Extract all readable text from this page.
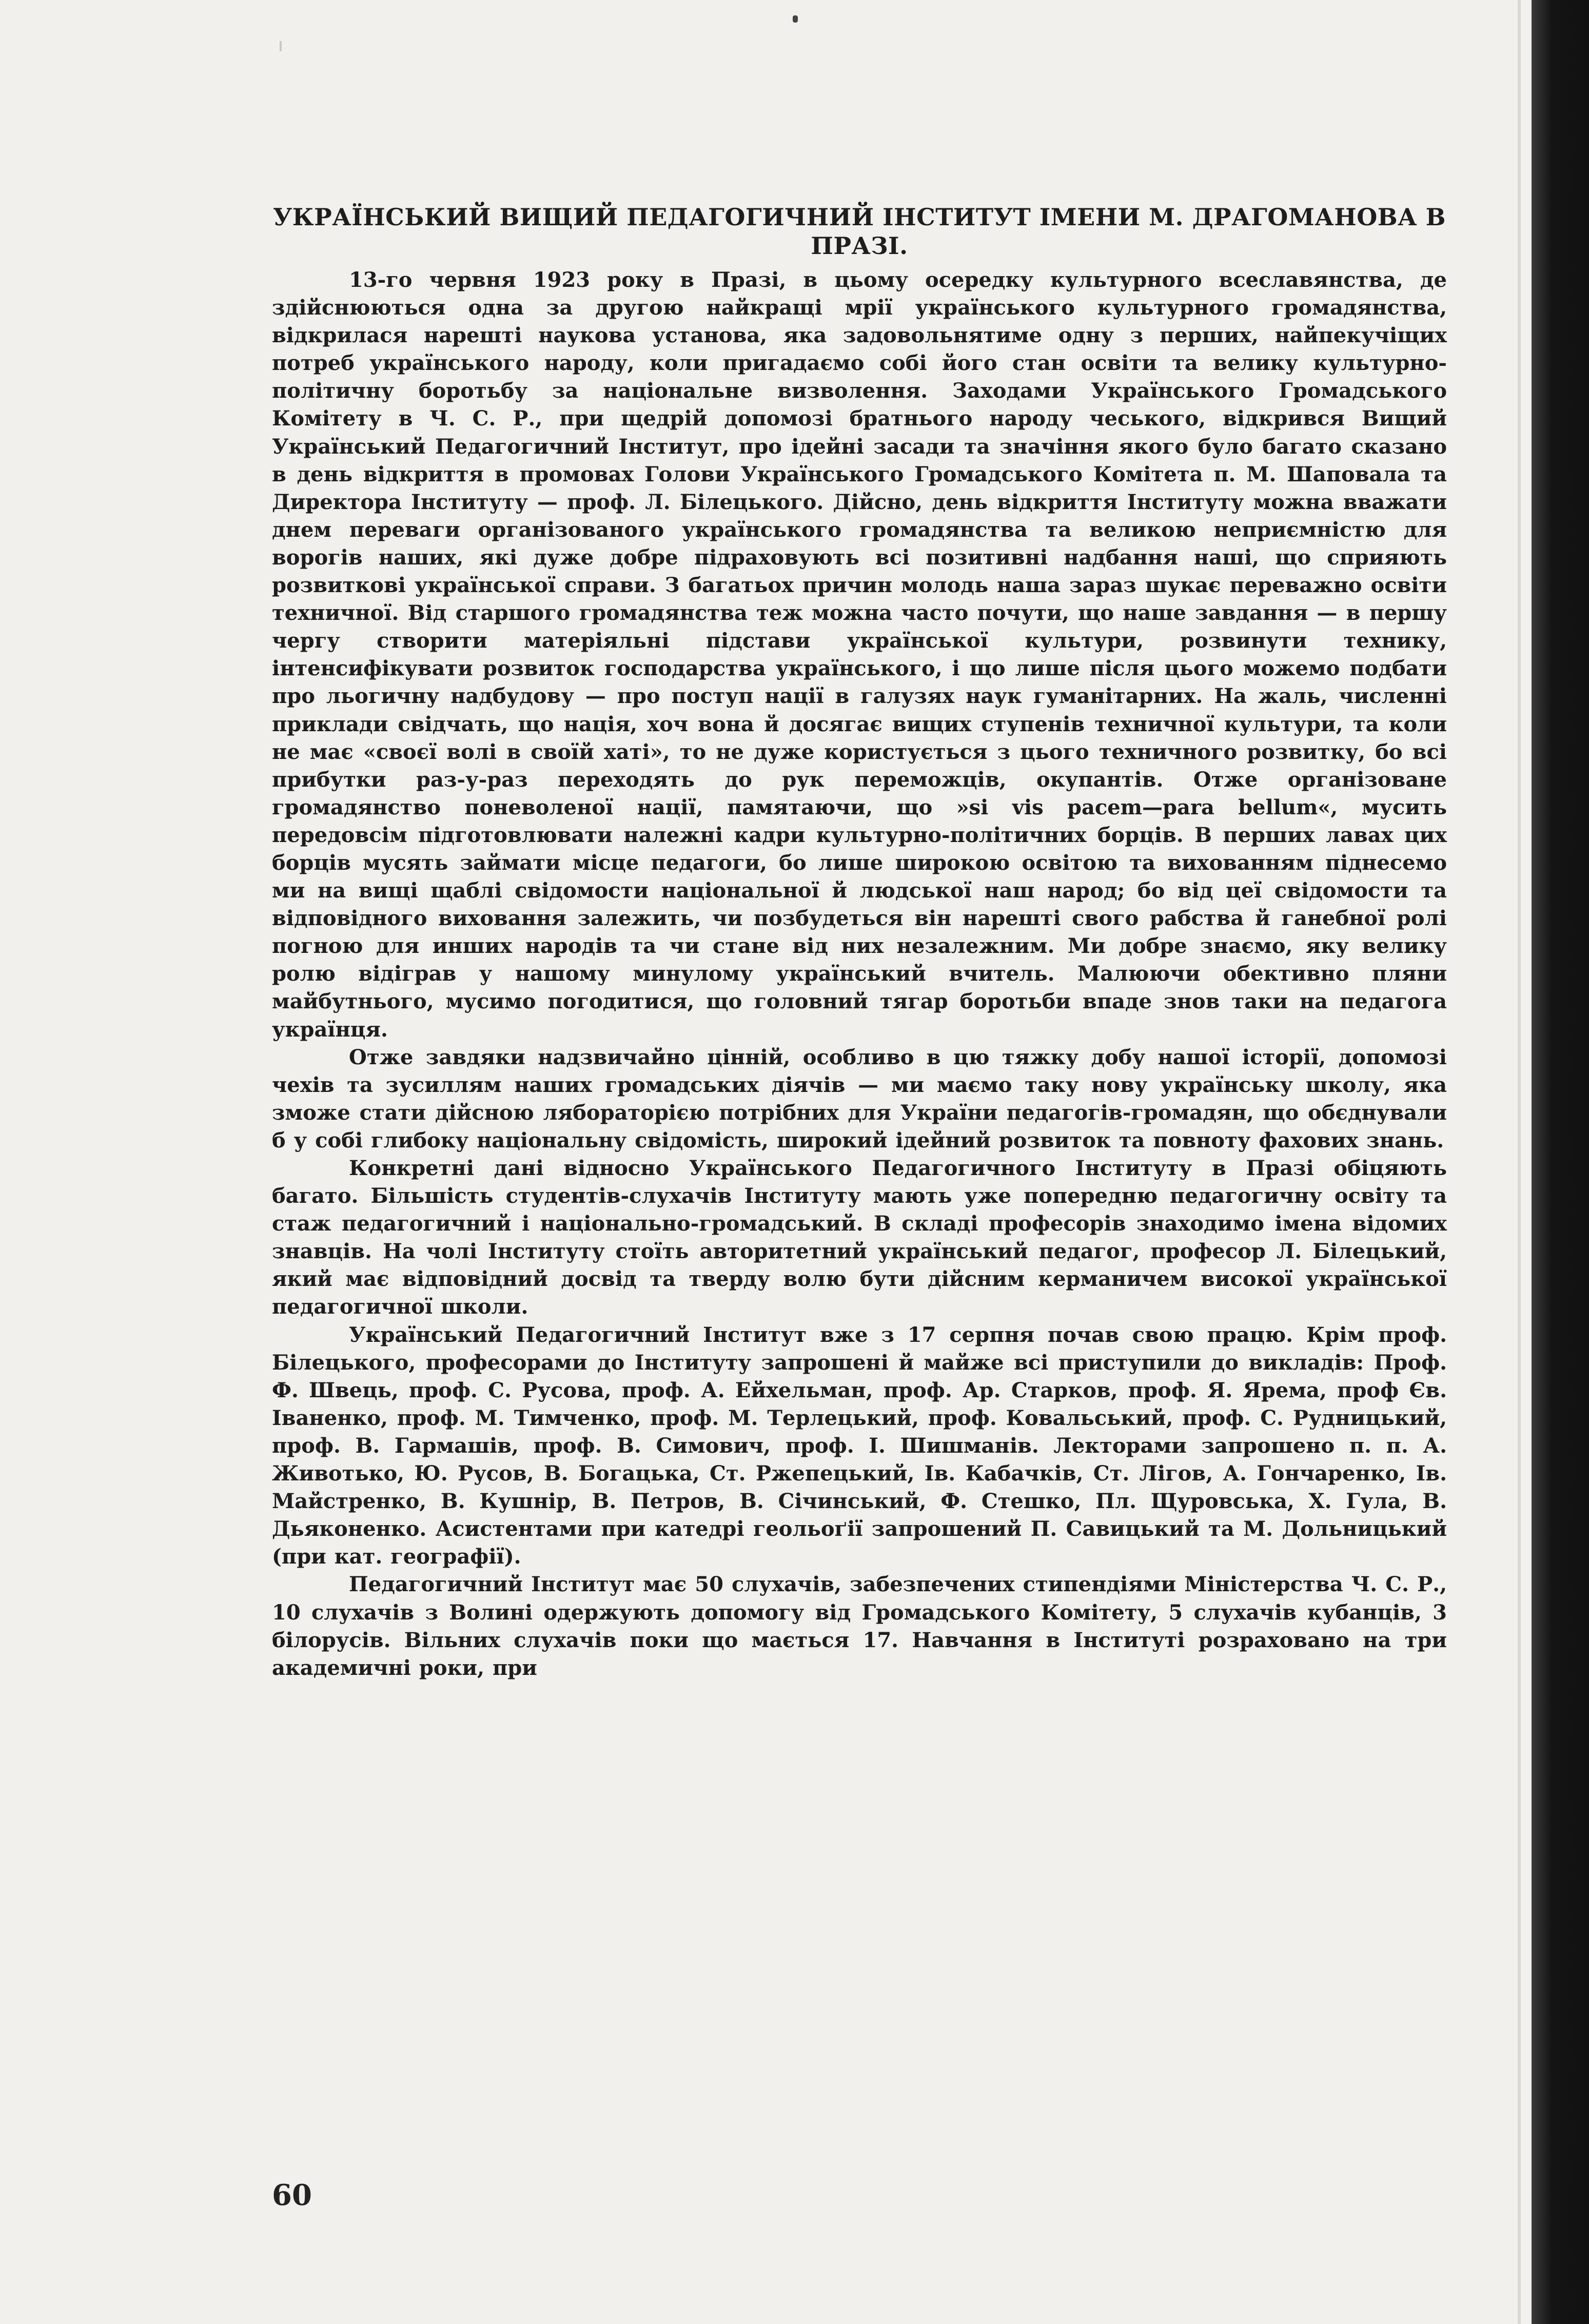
УКРАЇНСЬКИЙ ВИЩИЙ ПЕДАГОГИЧНИЙ ІНСТИТУТ ІМЕНИ М. ДРАГОМАНОВА В ПРАЗІ.

13-го червня 1923 року в Празі, в цьому осередку культурного всеславянства, де здійснюються одна за другою найкращі мрії українського культурного громадянства, відкрилася нарешті наукова установа, яка задовольнятиме одну з перших, найпекучіщих потреб українського народу, коли пригадаємо собі його стан освіти та велику культурно-політичну боротьбу за національне визволення. Заходами Українського Громадського Комітету в Ч. С. Р., при щедрій допомозі братнього народу чеського, відкрився Вищий Український Педагогичний Інститут, про ідейні засади та значіння якого було багато сказано в день відкриття в промовах Голови Українського Громадського Комітета п. М. Шаповала та Директора Інституту — проф. Л. Білецького. Дійсно, день відкриття Інституту можна вважати днем переваги організованого українського громадянства та великою неприємністю для ворогів наших, які дуже добре підраховують всі позитивні надбання наші, що сприяють розвиткові української справи. З багатьох причин молодь наша зараз шукає переважно освіти техничної. Від старшого громадянства теж можна часто почути, що наше завдання — в першу чергу створити матеріяльні підстави української культури, розвинути технику, інтенсифікувати розвиток господарства українського, і що лише після цього можемо подбати про льогичну надбудову — про поступ нації в галузях наук гуманітарних. На жаль, численні приклади свідчать, що нація, хоч вона й досягає вищих ступенів техничної культури, та коли не має «своєї волі в своїй хаті», то не дуже користується з цього техничного розвитку, бо всі прибутки раз-у-раз переходять до рук переможців, окупантів. Отже організоване громадянство поневоленої нації, памятаючи, що »si vis pacem—para bellum«, мусить передовсім підготовлювати належні кадри культурно-політичних борців. В перших лавах цих борців мусять займати місце педагоги, бо лише широкою освітою та вихованням піднесемо ми на вищі щаблі свідомости національної й людської наш народ; бо від цеї свідомости та відповідного виховання залежить, чи позбудеться він нарешті свого рабства й ганебної ролі погною для инших народів та чи стане від них незалежним. Ми добре знаємо, яку велику ролю відіграв у нашому минулому український вчитель. Малюючи обективно пляни майбутнього, мусимо погодитися, що головний тягар боротьби впаде знов таки на педагога українця.

Отже завдяки надзвичайно цінній, особливо в цю тяжку добу нашої історії, допомозі чехів та зусиллям наших громадських діячів — ми маємо таку нову українську школу, яка зможе стати дійсною лябораторією потрібних для України педагогів-громадян, що обєднували б у собі глибоку національну свідомість, широкий ідейний розвиток та повноту фахових знань.

Конкретні дані відносно Українського Педагогичного Інституту в Празі обіцяють багато. Більшість студентів-слухачів Інституту мають уже попередню педагогичну освіту та стаж педагогичний і національно-громадський. В складі професорів знаходимо імена відомих знавців. На чолі Інституту стоїть авторитетний український педагог, професор Л. Білецький, який має відповідний досвід та тверду волю бути дійсним керманичем високої української педагогичної школи.

Український Педагогичний Інститут вже з 17 серпня почав свою працю. Крім проф. Білецького, професорами до Інституту запрошені й майже всі приступили до викладів: Проф. Ф. Швець, проф. С. Русова, проф. А. Ейхельман, проф. Ар. Старков, проф. Я. Ярема, проф Єв. Іваненко, проф. М. Тимченко, проф. М. Терлецький, проф. Ковальський, проф. С. Рудницький, проф. В. Гармашів, проф. В. Симович, проф. І. Шишманів. Лекторами запрошено п. п. А. Животько, Ю. Русов, В. Богацька, Ст. Ржепецький, Ів. Кабачків, Ст. Лігов, А. Гончаренко, Ів. Майстренко, В. Кушнір, В. Петров, В. Січинський, Ф. Стешко, Пл. Щуровська, Х. Гула, В. Дьяконенко. Асистентами при катедрі геольоґії запрошений П. Савицький та М. Дольницький (при кат. географії).

Педагогичний Інститут має 50 слухачів, забезпечених стипендіями Міністерства Ч. С. Р., 10 слухачів з Волині одержують допомогу від Громадського Комітету, 5 слухачів кубанців, 3 білорусів. Вільних слухачів поки що мається 17. Навчання в Інституті розраховано на три академичні роки, при

60
